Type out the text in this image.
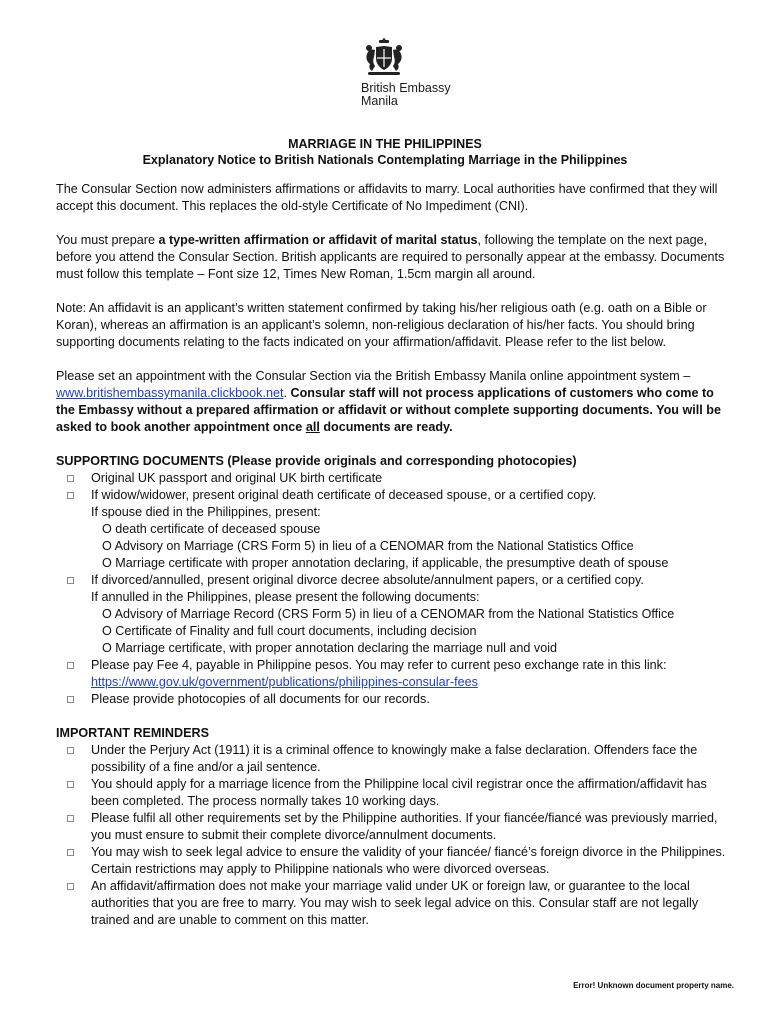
British Embassy
Manila
MARRIAGE IN THE PHILIPPINES
Explanatory Notice to British Nationals Contemplating Marriage in the Philippines

The Consular Section now administers affirmations or affidavits to marry. Local authorities have confirmed that they will accept this document. This replaces the old-style Certificate of No Impediment (CNI).

You must prepare a type-written affirmation or affidavit of marital status, following the template on the next page, before you attend the Consular Section. British applicants are required to personally appear at the embassy. Documents must follow this template – Font size 12, Times New Roman, 1.5cm margin all around.

Note: An affidavit is an applicant’s written statement confirmed by taking his/her religious oath (e.g. oath on a Bible or Koran), whereas an affirmation is an applicant’s solemn, non-religious declaration of his/her facts. You should bring supporting documents relating to the facts indicated on your affirmation/affidavit. Please refer to the list below.

Please set an appointment with the Consular Section via the British Embassy Manila online appointment system – www.britishembassymanila.clickbook.net. Consular staff will not process applications of customers who come to the Embassy without a prepared affirmation or affidavit or without complete supporting documents. You will be asked to book another appointment once all documents are ready.

SUPPORTING DOCUMENTS (Please provide originals and corresponding photocopies)

Original UK passport and original UK birth certificate
If widow/widower, present original death certificate of deceased spouse, or a certified copy.
If spouse died in the Philippines, present:
O death certificate of deceased spouse
O Advisory on Marriage (CRS Form 5) in lieu of a CENOMAR from the National Statistics Office
O Marriage certificate with proper annotation declaring, if applicable, the presumptive death of spouse
If divorced/annulled, present original divorce decree absolute/annulment papers, or a certified copy.
If annulled in the Philippines, please present the following documents:
O Advisory of Marriage Record (CRS Form 5) in lieu of a CENOMAR from the National Statistics Office
O Certificate of Finality and full court documents, including decision
O Marriage certificate, with proper annotation declaring the marriage null and void
Please pay Fee 4, payable in Philippine pesos. You may refer to current peso exchange rate in this link:
https://www.gov.uk/government/publications/philippines-consular-fees
Please provide photocopies of all documents for our records.

IMPORTANT REMINDERS

Under the Perjury Act (1911) it is a criminal offence to knowingly make a false declaration. Offenders face the possibility of a fine and/or a jail sentence.
You should apply for a marriage licence from the Philippine local civil registrar once the affirmation/affidavit has been completed. The process normally takes 10 working days.
Please fulfil all other requirements set by the Philippine authorities. If your fiancée/fiancé was previously married, you must ensure to submit their complete divorce/annulment documents.
You may wish to seek legal advice to ensure the validity of your fiancée/ fiancé’s foreign divorce in the Philippines. Certain restrictions may apply to Philippine nationals who were divorced overseas.
An affidavit/affirmation does not make your marriage valid under UK or foreign law, or guarantee to the local authorities that you are free to marry. You may wish to seek legal advice on this. Consular staff are not legally trained and are unable to comment on this matter.
Error! Unknown document property name.
